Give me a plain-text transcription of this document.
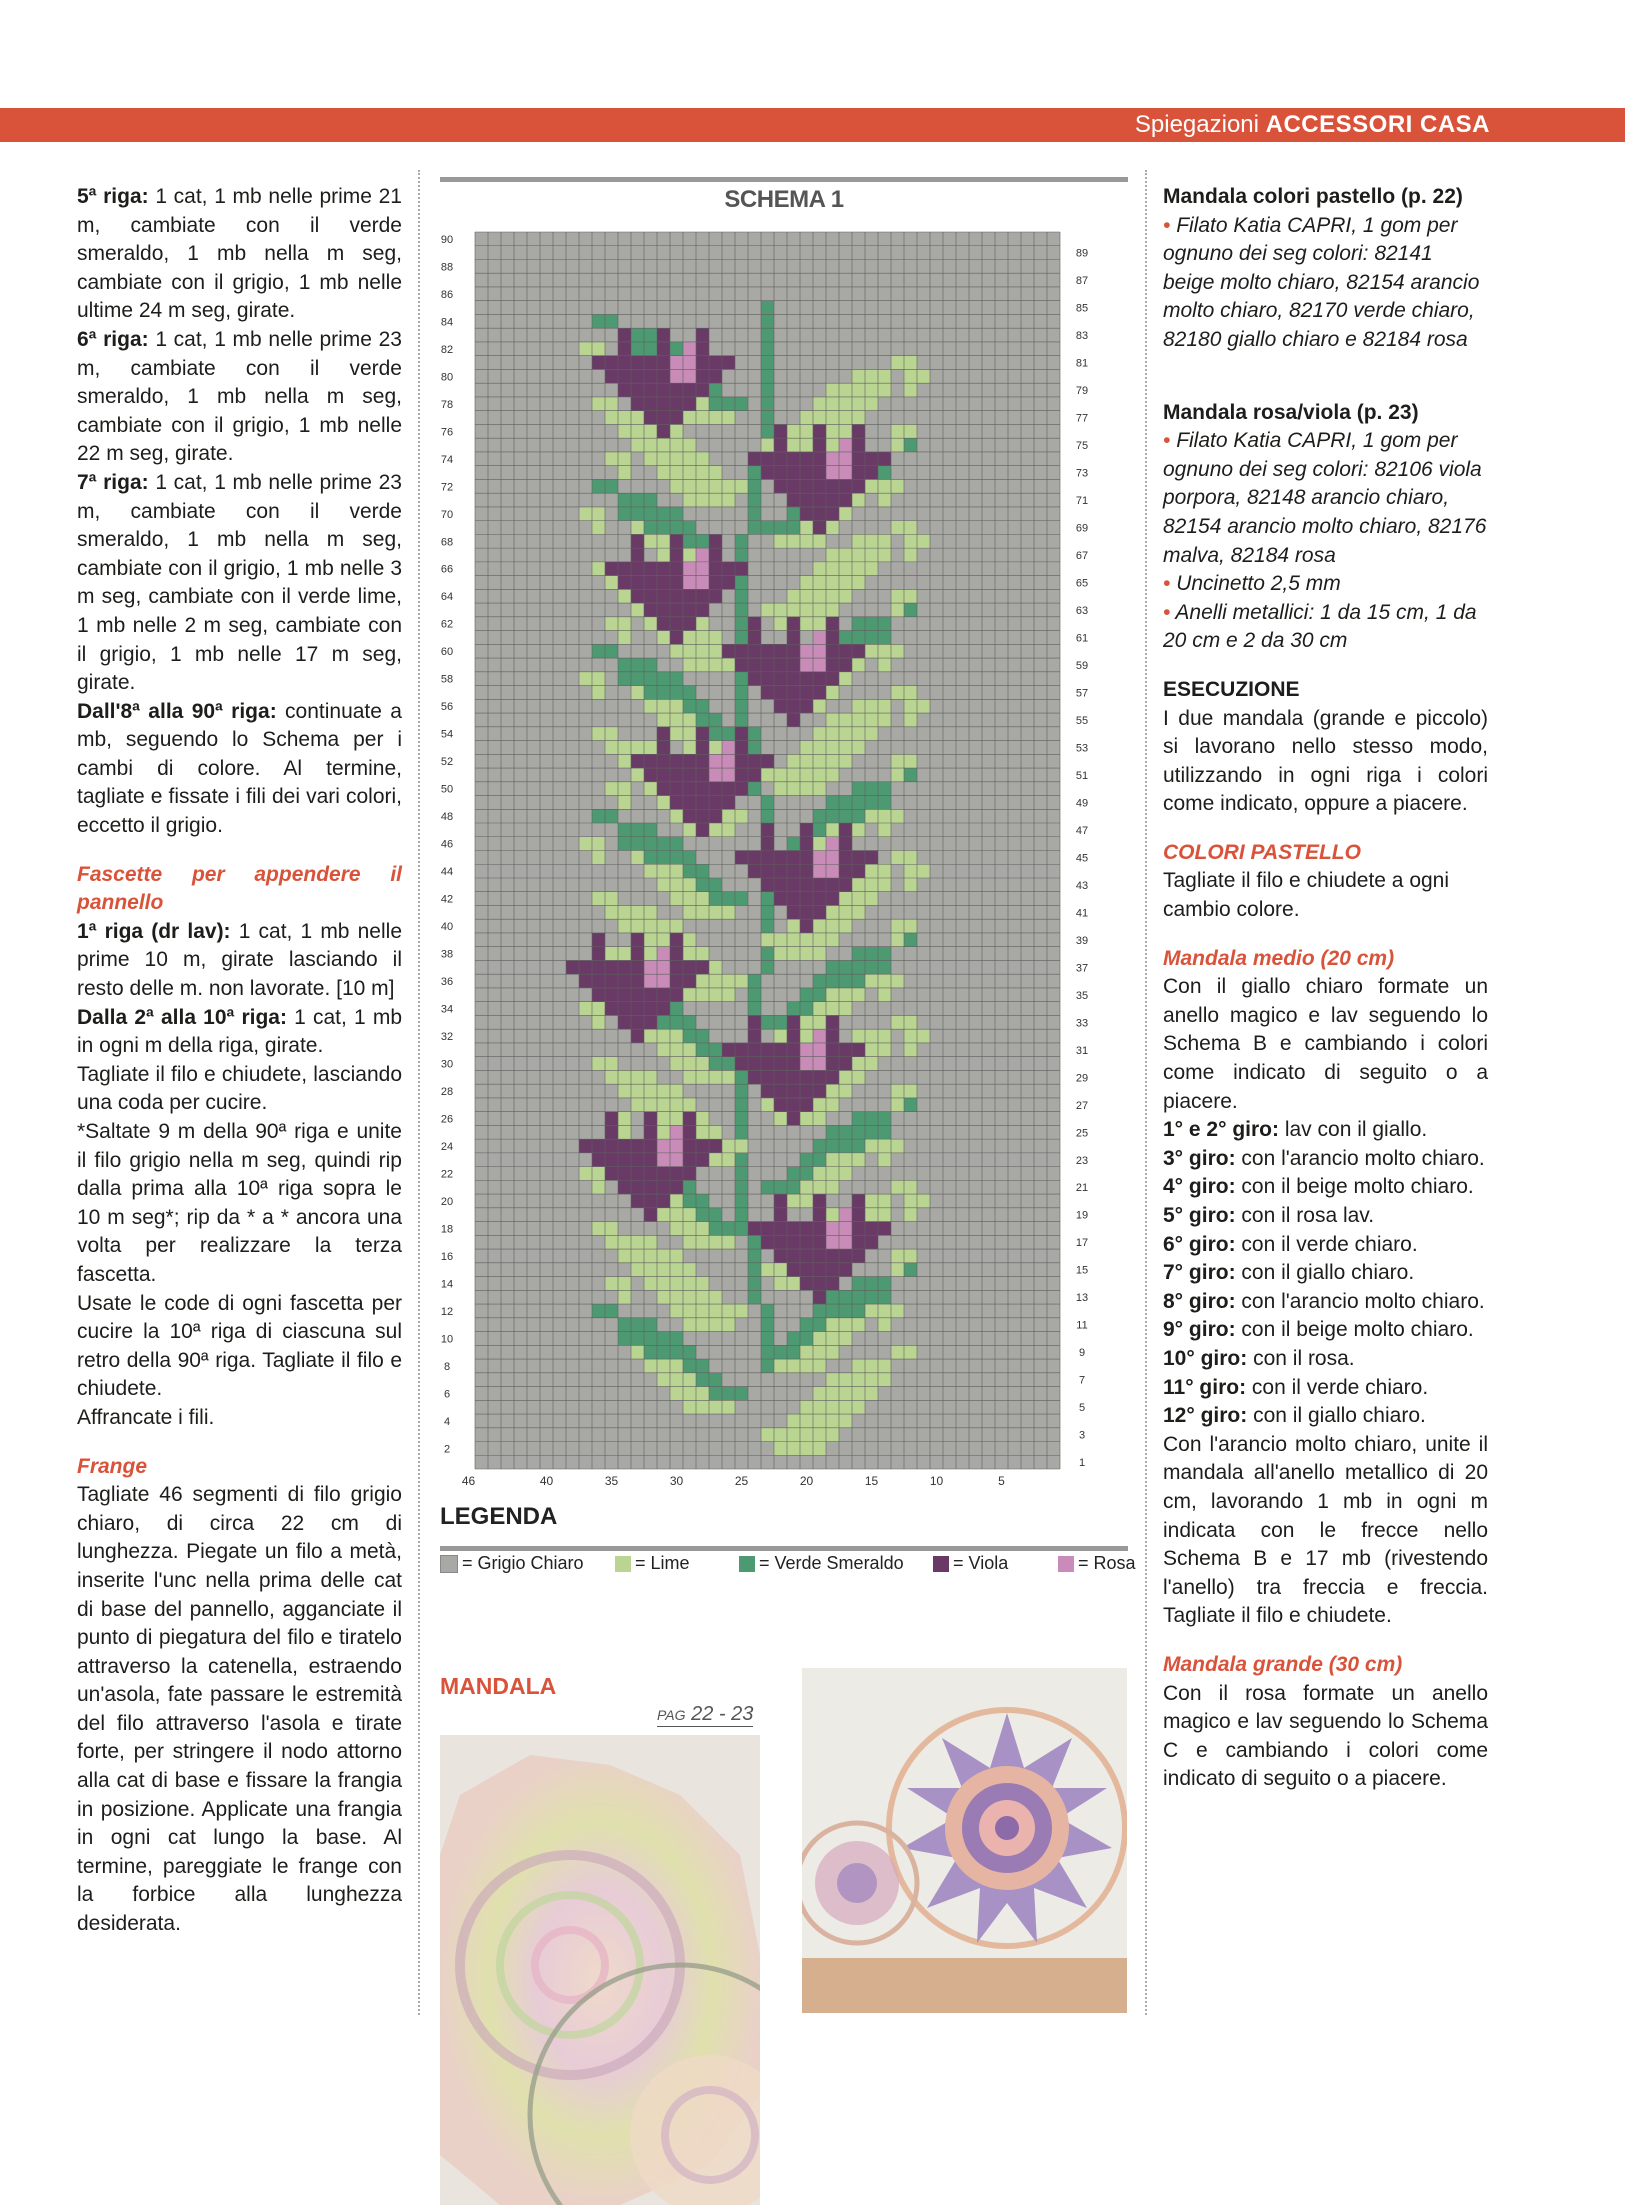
Spiegazioni ACCESSORI CASA

5ª riga: 1 cat, 1 mb nelle prime 21 m, cambiate con il verde smeraldo, 1 mb nella m seg, cambiate con il grigio, 1 mb nelle ultime 24 m seg, girate.

6ª riga: 1 cat, 1 mb nelle prime 23 m, cambiate con il verde smeraldo, 1 mb nella m seg, cambiate con il grigio, 1 mb nelle 22 m seg, girate.

7ª riga: 1 cat, 1 mb nelle prime 23 m, cambiate con il verde smeraldo, 1 mb nella m seg, cambiate con il grigio, 1 mb nelle 3 m seg, cambiate con il verde lime, 1 mb nelle 2 m seg, cambiate con il grigio, 1 mb nelle 17 m seg, girate.

Dall'8ª alla 90ª riga: continuate a mb, seguendo lo Schema per i cambi di colore. Al termine, tagliate e fissate i fili dei vari colori, eccetto il grigio.

Fascette per appendere il pannello

1ª riga (dr lav): 1 cat, 1 mb nelle prime 10 m, girate lasciando il resto delle m. non lavorate. [10 m]

Dalla 2ª alla 10ª riga: 1 cat, 1 mb in ogni m della riga, girate.

Tagliate il filo e chiudete, lasciando una coda per cucire.

*Saltate 9 m della 90ª riga e unite il filo grigio nella m seg, quindi rip dalla prima alla 10ª riga sopra le 10 m seg*; rip da * a * ancora una volta per realizzare la terza fascetta.

Usate le code di ogni fascetta per cucire la 10ª riga di ciascuna sul retro della 90ª riga. Tagliate il filo e chiudete.

Affrancate i fili.

Frange

Tagliate 46 segmenti di filo grigio chiaro, di circa 22 cm di lunghezza. Piegate un filo a metà, inserite l'unc nella prima delle cat di base del pannello, agganciate il punto di piegatura del filo e tiratelo attraverso la catenella, estraendo un'asola, fate passare le estremità del filo attraverso l'asola e tirate forte, per stringere il nodo attorno alla cat di base e fissare la frangia in posizione. Applicate una frangia in ogni cat lungo la base. Al termine, pareggiate le frange con la forbice alla lunghezza desiderata.

SCHEMA 1
90
88
86
84
82
80
78
76
74
72
70
68
66
64
62
60
58
56
54
52
50
48
46
44
42
40
38
36
34
32
30
28
26
24
22
20
18
16
14
12
10
8
6
4
2
89
87
85
83
81
79
77
75
73
71
69
67
65
63
61
59
57
55
53
51
49
47
45
43
41
39
37
35
33
31
29
27
25
23
21
19
17
15
13
11
9
7
5
3
1
46	40	35	30	25	20	15	10	5
LEGENDA
= Grigio Chiaro	= Lime	= Verde Smeraldo	= Viola	= Rosa
MANDALA
PAG 22 - 23

Mandala colori pastello (p. 22)

• Filato Katia CAPRI, 1 gom per ognuno dei seg colori: 82141 beige molto chiaro, 82154 arancio molto chiaro, 82170 verde chiaro, 82180 giallo chiaro e 82184 rosa

Mandala rosa/viola (p. 23)

• Filato Katia CAPRI, 1 gom per ognuno dei seg colori: 82106 viola porpora, 82148 arancio chiaro, 82154 arancio molto chiaro, 82176 malva, 82184 rosa

• Uncinetto 2,5 mm

• Anelli metallici: 1 da 15 cm, 1 da 20 cm e 2 da 30 cm

ESECUZIONE

I due mandala (grande e piccolo) si lavorano nello stesso modo, utilizzando in ogni riga i colori come indicato, oppure a piacere.

COLORI PASTELLO

Tagliate il filo e chiudete a ogni cambio colore.

Mandala medio (20 cm)

Con il giallo chiaro formate un anello magico e lav seguendo lo Schema B e cambiando i colori come indicato di seguito o a piacere.

1° e 2° giro: lav con il giallo.

3° giro: con l'arancio molto chiaro.

4° giro: con il beige molto chiaro.

5° giro: con il rosa lav.

6° giro: con il verde chiaro.

7° giro: con il giallo chiaro.

8° giro: con l'arancio molto chiaro.

9° giro: con il beige molto chiaro.

10° giro: con il rosa.

11° giro: con il verde chiaro.

12° giro: con il giallo chiaro.

Con l'arancio molto chiaro, unite il mandala all'anello metallico di 20 cm, lavorando 1 mb in ogni m indicata con le frecce nello Schema B e 17 mb (rivestendo l'anello) tra freccia e freccia. Tagliate il filo e chiudete.

Mandala grande (30 cm)

Con il rosa formate un anello magico e lav seguendo lo Schema C e cambiando i colori come indicato di seguito o a piacere.
